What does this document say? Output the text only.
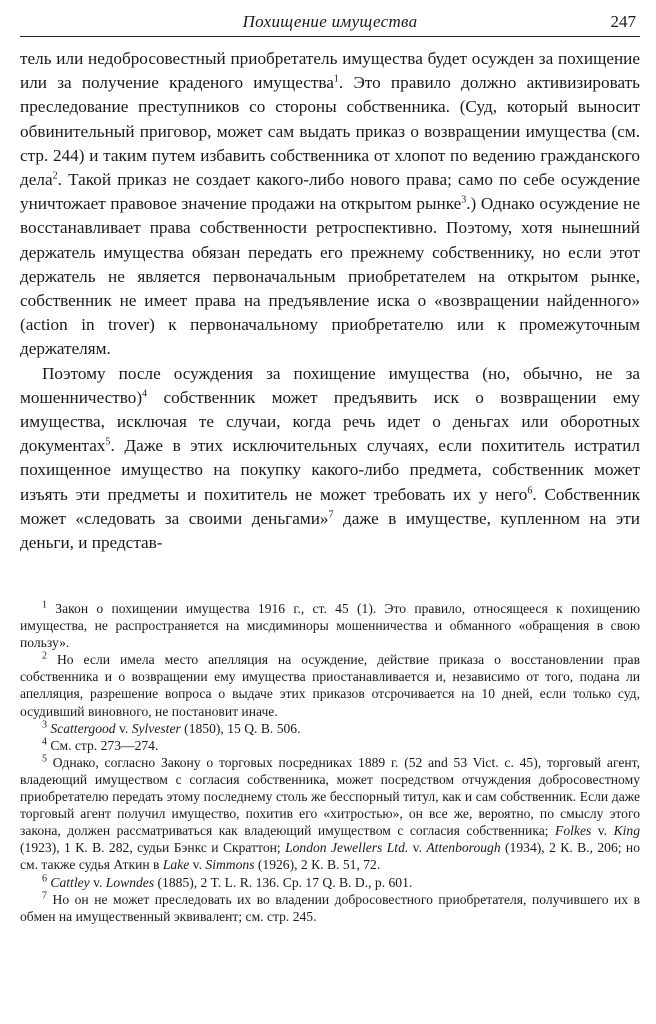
Похищение имущества	247

тель или недобросовестный приобретатель имущества будет осужден за похищение или за получение краденого имущества$^1$. Это правило должно активизировать преследование преступников со стороны собственника. (Суд, который выносит обвинительный приговор, может сам выдать приказ о возвращении имущества (см. стр. 244) и таким путем избавить собственника от хлопот по ведению гражданского дела$^2$. Такой приказ не создает какого-либо нового права; само по себе осуждение уничтожает правовое значение продажи на открытом рынке$^3$.) Однако осуждение не восстанавливает права собственности ретроспективно. Поэтому, хотя нынешний держатель имущества обязан передать его прежнему собственнику, но если этот держатель не является первоначальным приобретателем на открытом рынке, собственник не имеет права на предъявление иска о «возвращении найденного» (action in trover) к первоначальному приобретателю или к промежуточным держателям.

Поэтому после осуждения за похищение имущества (но, обычно, не за мошенничество)$^4$ собственник может предъявить иск о возвращении ему имущества, исключая те случаи, когда речь идет о деньгах или оборотных документах$^5$. Даже в этих исключительных случаях, если похититель истратил похищенное имущество на покупку какого-либо предмета, собственник может изъять эти предметы и похититель не может требовать их у него$^6$. Собственник может «следовать за своими деньгами»$^7$ даже в имуществе, купленном на эти деньги, и представ-

$^1$ Закон о похищении имущества 1916 г., ст. 45 (1). Это правило, относящееся к похищению имущества, не распространяется на мисдиминоры мошенничества и обманного «обращения в свою пользу».

$^2$ Но если имела место апелляция на осуждение, действие приказа о восстановлении прав собственника и о возвращении ему имущества приостанавливается и, независимо от того, подана ли апелляция, разрешение вопроса о выдаче этих приказов отсрочивается на 10 дней, если только суд, осудивший виновного, не постановит иначе.

$^3$ Scattergood v. Sylvester (1850), 15 Q. B. 506.

$^4$ См. стр. 273—274.

$^5$ Однако, согласно Закону о торговых посредниках 1889 г. (52 and 53 Vict. c. 45), торговый агент, владеющий имуществом с согласия собственника, может посредством отчуждения добросовестному приобретателю передать этому последнему столь же бесспорный титул, как и сам собственник. Если даже торговый агент получил имущество, похитив его «хитростью», он все же, вероятно, по смыслу этого закона, должен рассматриваться как владеющий имуществом с согласия собственника; Folkes v. King (1923), 1 К. В. 282, судьи Бэнкс и Скраттон; London Jewellers Ltd. v. Attenborough (1934), 2 К. В., 206; но см. также судья Аткин в Lake v. Simmons (1926), 2 К. В. 51, 72.

$^6$ Cattley v. Lowndes (1885), 2 T. L. R. 136. Ср. 17 Q. B. D., p. 601.

$^7$ Но он не может преследовать их во владении добросовестного приобретателя, получившего их в обмен на имущественный эквивалент; см. стр. 245.
